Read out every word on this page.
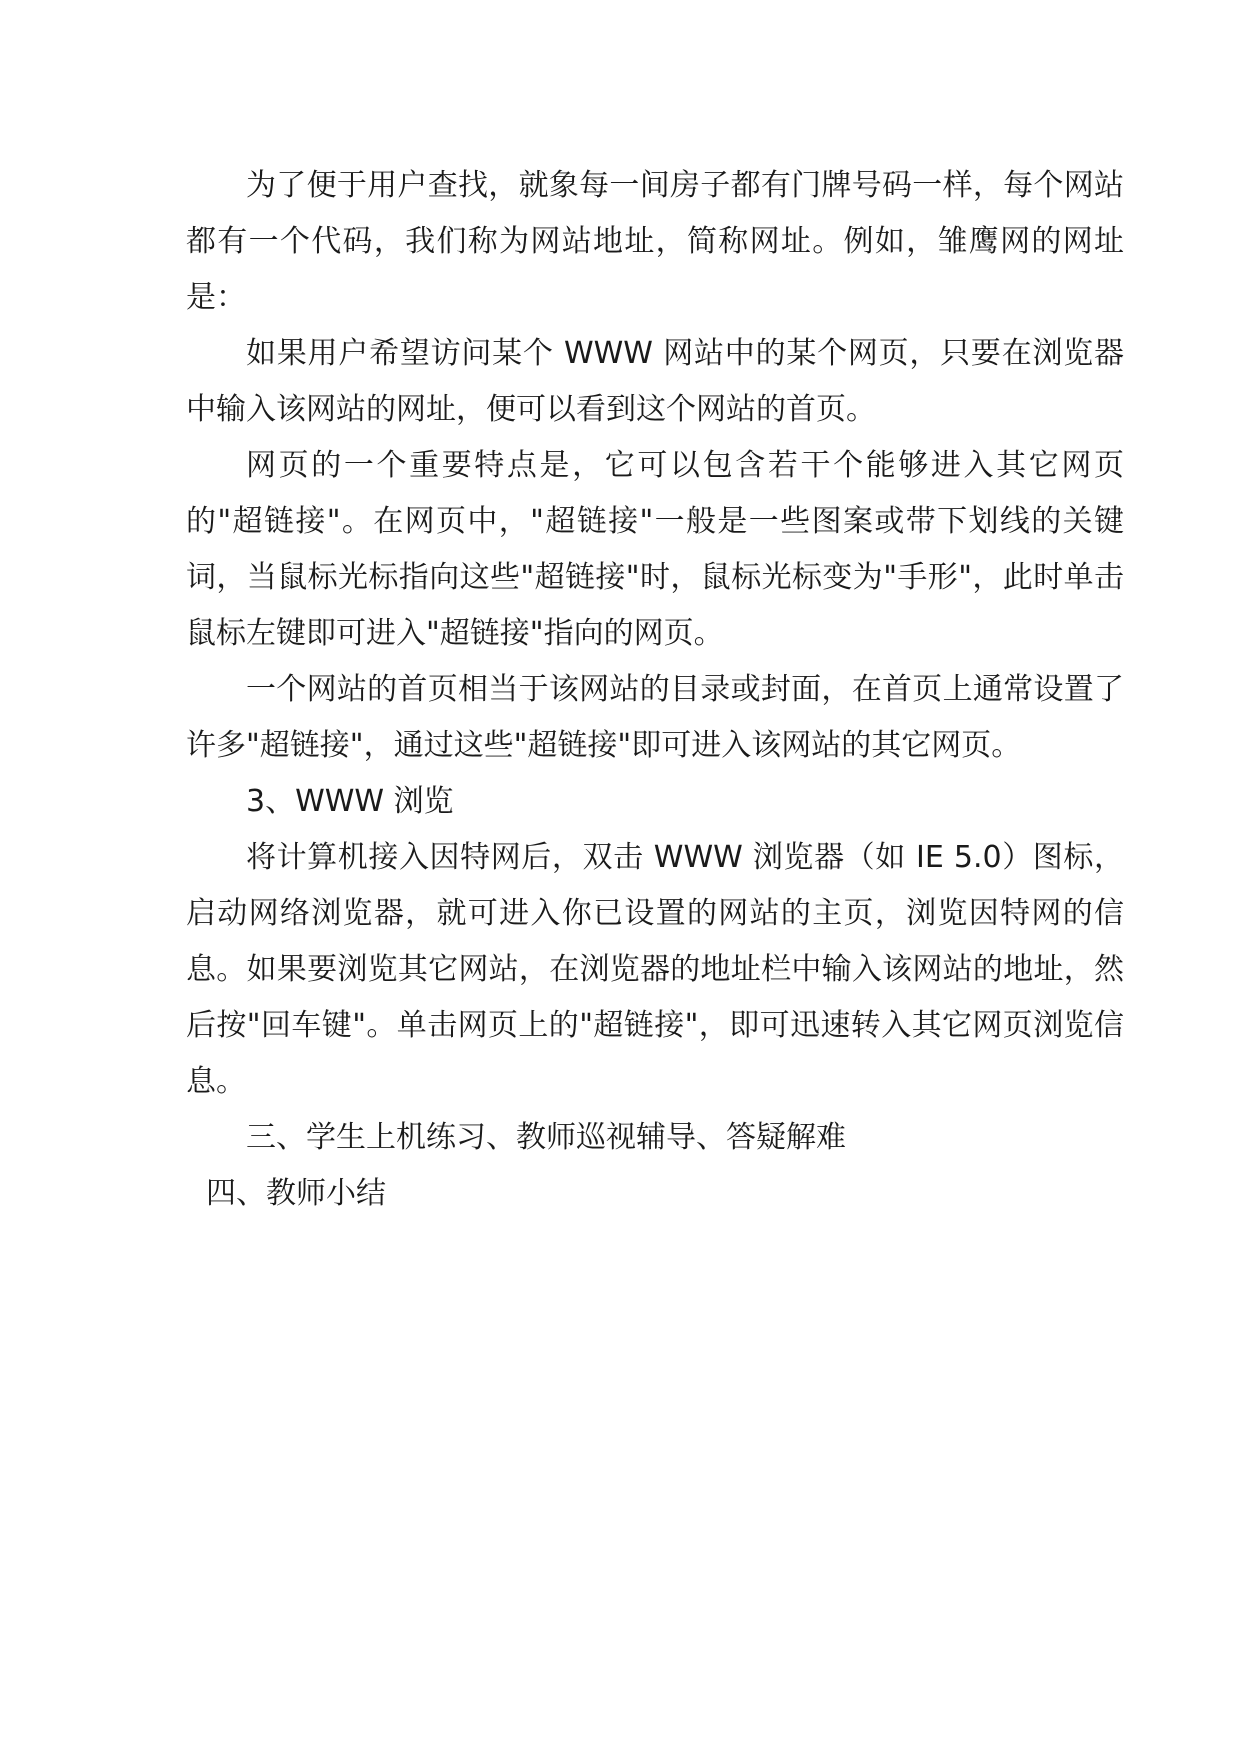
为了便于用户查找，就象每一间房子都有门牌号码一样，每个网站都有一个代码，我们称为网站地址，简称网址。例如，雏鹰网的网址是：

如果用户希望访问某个 WWW 网站中的某个网页，只要在浏览器中输入该网站的网址，便可以看到这个网站的首页。

网页的一个重要特点是，它可以包含若干个能够进入其它网页的"超链接"。在网页中，"超链接"一般是一些图案或带下划线的关键词，当鼠标光标指向这些"超链接"时，鼠标光标变为"手形"，此时单击鼠标左键即可进入"超链接"指向的网页。

一个网站的首页相当于该网站的目录或封面，在首页上通常设置了许多"超链接"，通过这些"超链接"即可进入该网站的其它网页。

3、WWW 浏览

将计算机接入因特网后，双击 WWW 浏览器（如 IE 5.0）图标，启动网络浏览器，就可进入你已设置的网站的主页，浏览因特网的信息。如果要浏览其它网站，在浏览器的地址栏中输入该网站的地址，然后按"回车键"。单击网页上的"超链接"，即可迅速转入其它网页浏览信息。

三、学生上机练习、教师巡视辅导、答疑解难

四、教师小结
